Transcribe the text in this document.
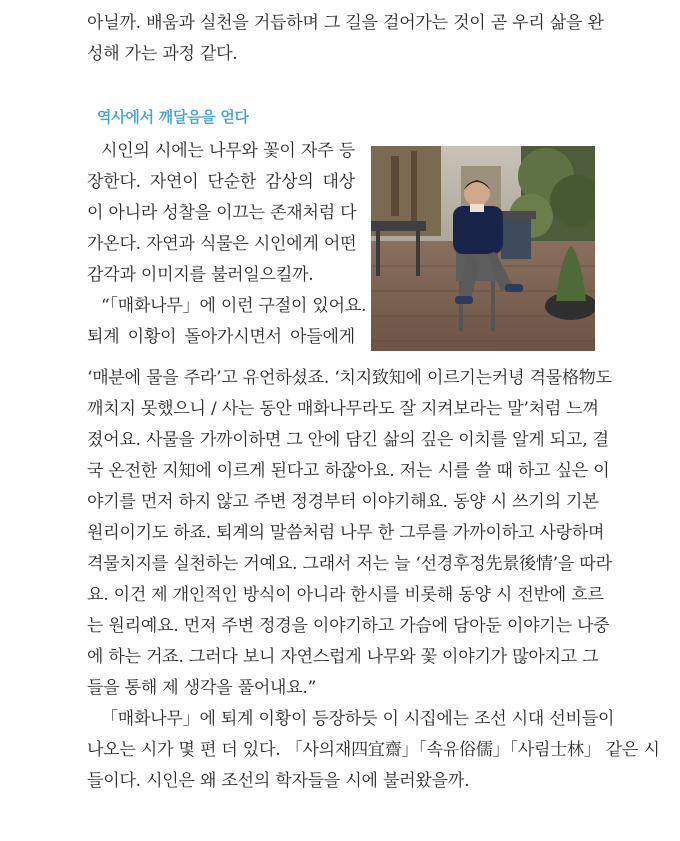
아닐까. 배움과 실천을 거듭하며 그 길을 걸어가는 것이 곧 우리 삶을 완
성해 가는 과정 같다.
역사에서 깨달음을 얻다
시인의 시에는 나무와 꽃이 자주 등
장한다. 자연이 단순한 감상의 대상
이 아니라 성찰을 이끄는 존재처럼 다
가온다. 자연과 식물은 시인에게 어떤
감각과 이미지를 불러일으킬까.
“「매화나무」에 이런 구절이 있어요.
퇴계 이황이 돌아가시면서 아들에게
‘매분에 물을 주라’고 유언하셨죠. ‘치지致知에 이르기는커녕 격물格物도
깨치지 못했으니 / 사는 동안 매화나무라도 잘 지켜보라는 말’처럼 느껴
졌어요. 사물을 가까이하면 그 안에 담긴 삶의 깊은 이치를 알게 되고, 결
국 온전한 지知에 이르게 된다고 하잖아요. 저는 시를 쓸 때 하고 싶은 이
야기를 먼저 하지 않고 주변 정경부터 이야기해요. 동양 시 쓰기의 기본
원리이기도 하죠. 퇴계의 말씀처럼 나무 한 그루를 가까이하고 사랑하며
격물치지를 실천하는 거예요. 그래서 저는 늘 ‘선경후정先景後情’을 따라
요. 이건 제 개인적인 방식이 아니라 한시를 비롯해 동양 시 전반에 흐르
는 원리예요. 먼저 주변 정경을 이야기하고 가슴에 담아둔 이야기는 나중
에 하는 거죠. 그러다 보니 자연스럽게 나무와 꽃 이야기가 많아지고 그
들을 통해 제 생각을 풀어내요.”
「매화나무」에 퇴계 이황이 등장하듯 이 시집에는 조선 시대 선비들이
나오는 시가 몇 편 더 있다. 「사의재四宜齋」「속유俗儒」「사림士林」 같은 시
들이다. 시인은 왜 조선의 학자들을 시에 불러왔을까.
